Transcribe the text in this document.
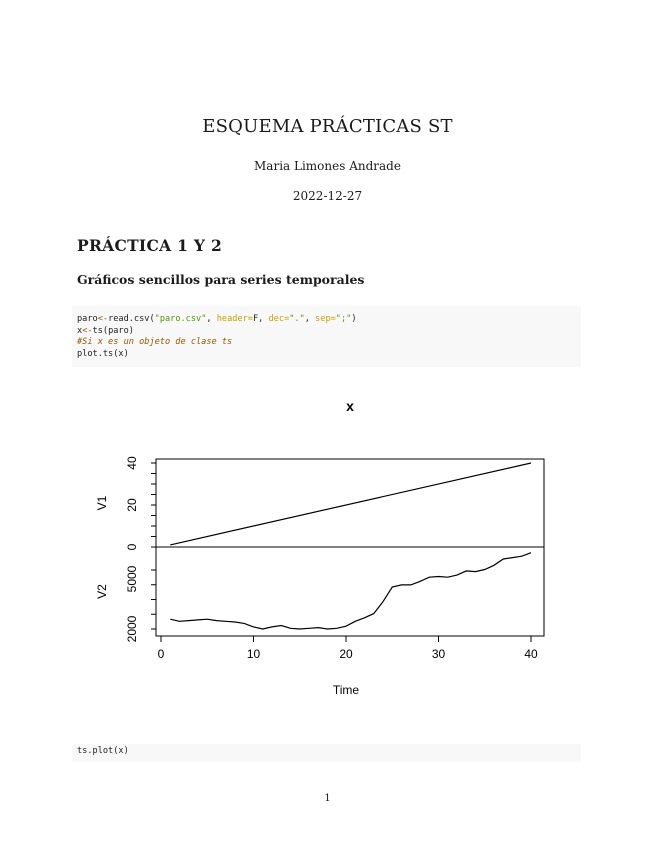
ESQUEMA PRÁCTICAS ST
Maria Limones Andrade
2022-12-27
PRÁCTICA 1 Y 2
Gráficos sencillos para series temporales
paro<-read.csv("paro.csv", header=F, dec=".", sep=";")
x<-ts(paro)
#Si x es un objeto de clase ts
plot.ts(x)
x
V1
V2
0
20
40
2000
5000
0	10	20	30	40
Time
ts.plot(x)
1
